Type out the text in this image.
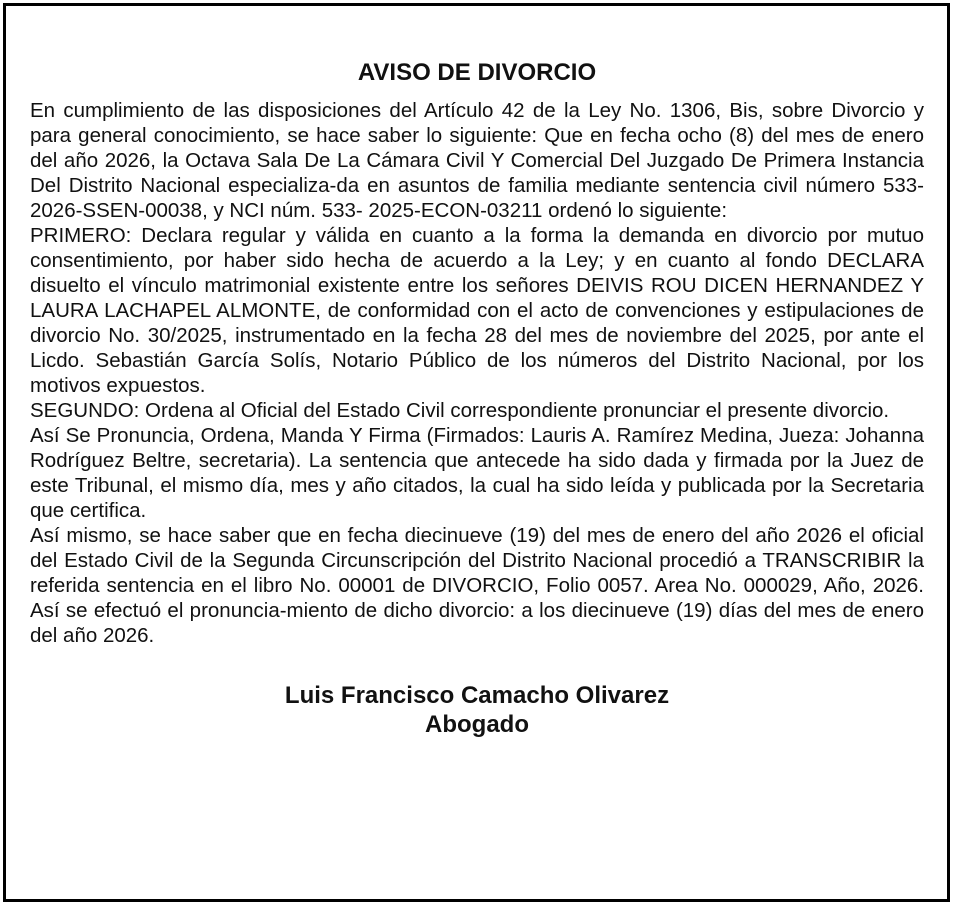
AVISO DE DIVORCIO

En cumplimiento de las disposiciones del Artículo 42 de la Ley No. 1306, Bis, sobre Divorcio y para general conocimiento, se hace saber lo siguiente: Que en fecha ocho (8) del mes de enero del año 2026, la Octava Sala De La Cámara Civil Y Comercial Del Juzgado De Primera Instancia Del Distrito Nacional especializa-da en asuntos de familia mediante sentencia civil número 533-2026-SSEN-00038, y NCI núm. 533- 2025-ECON-03211 ordenó lo siguiente:

PRIMERO: Declara regular y válida en cuanto a la forma la demanda en divorcio por mutuo consentimiento, por haber sido hecha de acuerdo a la Ley; y en cuanto al fondo DECLARA disuelto el vínculo matrimonial existente entre los señores DEIVIS ROU DICEN HERNANDEZ Y LAURA LACHAPEL ALMONTE, de conformidad con el acto de convenciones y estipulaciones de divorcio No. 30/2025, instrumentado en la fecha 28 del mes de noviembre del 2025, por ante el Licdo. Sebastián García Solís, Notario Público de los números del Distrito Nacional, por los motivos expuestos.

SEGUNDO: Ordena al Oficial del Estado Civil correspondiente pronunciar el presente divorcio.

Así Se Pronuncia, Ordena, Manda Y Firma (Firmados: Lauris A. Ramírez Medina, Jueza: Johanna Rodríguez Beltre, secretaria). La sentencia que antecede ha sido dada y firmada por la Juez de este Tribunal, el mismo día, mes y año citados, la cual ha sido leída y publicada por la Secretaria que certifica.

Así mismo, se hace saber que en fecha diecinueve (19) del mes de enero del año 2026 el oficial del Estado Civil de la Segunda Circunscripción del Distrito Nacional procedió a TRANSCRIBIR la referida sentencia en el libro No. 00001 de DIVORCIO, Folio 0057. Area No. 000029, Año, 2026. Así se efectuó el pronuncia-miento de dicho divorcio: a los diecinueve (19) días del mes de enero del año 2026.

Luis Francisco Camacho Olivarez
Abogado
